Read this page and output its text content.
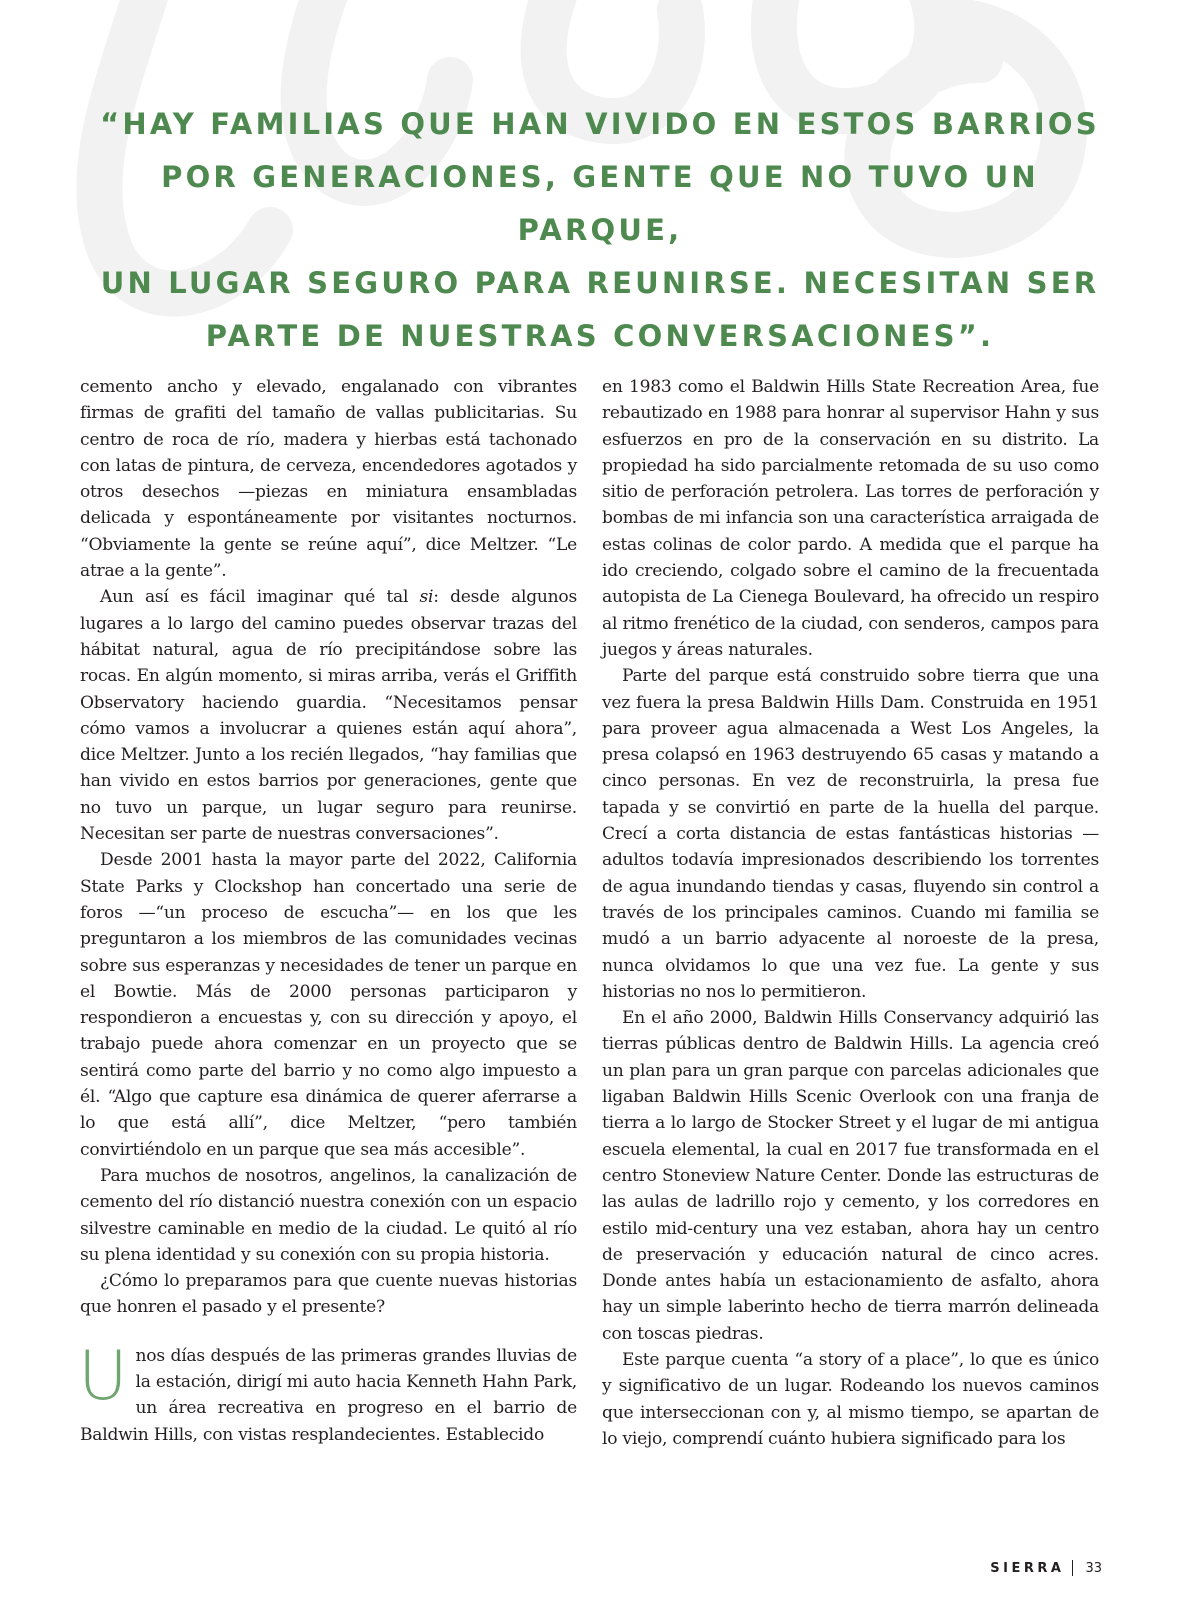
“HAY FAMILIAS QUE HAN VIVIDO EN ESTOS BARRIOS
POR GENERACIONES, GENTE QUE NO TUVO UN PARQUE,
UN LUGAR SEGURO PARA REUNIRSE. NECESITAN SER
PARTE DE NUESTRAS CONVERSACIONES”.

cemento ancho y elevado, engalanado con vibrantes firmas de grafiti del tamaño de vallas publicitarias. Su centro de roca de río, madera y hierbas está tachonado con latas de pintura, de cerveza, encendedores agotados y otros desechos —piezas en miniatura ensambladas delicada y espontáneamente por visitantes nocturnos. “Obviamente la gente se reúne aquí”, dice Meltzer. “Le atrae a la gente”.

Aun así es fácil imaginar qué tal si: desde algunos lugares a lo largo del camino puedes observar trazas del hábitat natural, agua de río precipitándose sobre las rocas. En algún momento, si miras arriba, verás el Griffith Observatory haciendo guardia. “Necesitamos pensar cómo vamos a involucrar a quienes están aquí ahora”, dice Meltzer. Junto a los recién llegados, “hay familias que han vivido en estos barrios por generaciones, gente que no tuvo un parque, un lugar seguro para reunirse. Necesitan ser parte de nuestras conversaciones”.

Desde 2001 hasta la mayor parte del 2022, California State Parks y Clockshop han concertado una serie de foros —“un proceso de escucha”— en los que les preguntaron a los miembros de las comunidades vecinas sobre sus esperanzas y necesidades de tener un parque en el Bowtie. Más de 2000 personas participaron y respondieron a encuestas y, con su dirección y apoyo, el trabajo puede ahora comenzar en un proyecto que se sentirá como parte del barrio y no como algo impuesto a él. “Algo que capture esa dinámica de querer aferrarse a lo que está allí”, dice Meltzer, “pero también convirtiéndolo en un parque que sea más accesible”.

Para muchos de nosotros, angelinos, la canalización de cemento del río distanció nuestra conexión con un espacio silvestre caminable en medio de la ciudad. Le quitó al río su plena identidad y su conexión con su propia historia.

¿Cómo lo preparamos para que cuente nuevas historias que honren el pasado y el presente?

Unos días después de las primeras grandes lluvias de la estación, dirigí mi auto hacia Kenneth Hahn Park, un área recreativa en progreso en el barrio de Baldwin Hills, con vistas resplandecientes. Establecido

en 1983 como el Baldwin Hills State Recreation Area, fue rebautizado en 1988 para honrar al supervisor Hahn y sus esfuerzos en pro de la conservación en su distrito. La propiedad ha sido parcialmente retomada de su uso como sitio de perforación petrolera. Las torres de perforación y bombas de mi infancia son una característica arraigada de estas colinas de color pardo. A medida que el parque ha ido creciendo, colgado sobre el camino de la frecuentada autopista de La Cienega Boulevard, ha ofrecido un respiro al ritmo frenético de la ciudad, con senderos, campos para juegos y áreas naturales.

Parte del parque está construido sobre tierra que una vez fuera la presa Baldwin Hills Dam. Construida en 1951 para proveer agua almacenada a West Los Angeles, la presa colapsó en 1963 destruyendo 65 casas y matando a cinco personas. En vez de reconstruirla, la presa fue tapada y se convirtió en parte de la huella del parque. Crecí a corta distancia de estas fantásticas historias —adultos todavía impresionados describiendo los torrentes de agua inundando tiendas y casas, fluyendo sin control a través de los principales caminos. Cuando mi familia se mudó a un barrio adyacente al noroeste de la presa, nunca olvidamos lo que una vez fue. La gente y sus historias no nos lo permitieron.

En el año 2000, Baldwin Hills Conservancy adquirió las tierras públicas dentro de Baldwin Hills. La agencia creó un plan para un gran parque con parcelas adicionales que ligaban Baldwin Hills Scenic Overlook con una franja de tierra a lo largo de Stocker Street y el lugar de mi antigua escuela elemental, la cual en 2017 fue transformada en el centro Stoneview Nature Center. Donde las estructuras de las aulas de ladrillo rojo y cemento, y los corredores en estilo mid-century una vez estaban, ahora hay un centro de preservación y educación natural de cinco acres. Donde antes había un estacionamiento de asfalto, ahora hay un simple laberinto hecho de tierra marrón delineada con toscas piedras.

Este parque cuenta “a story of a place”, lo que es único y significativo de un lugar. Rodeando los nuevos caminos que interseccionan con y, al mismo tiempo, se apartan de lo viejo, comprendí cuánto hubiera significado para los

SIERRA 33
